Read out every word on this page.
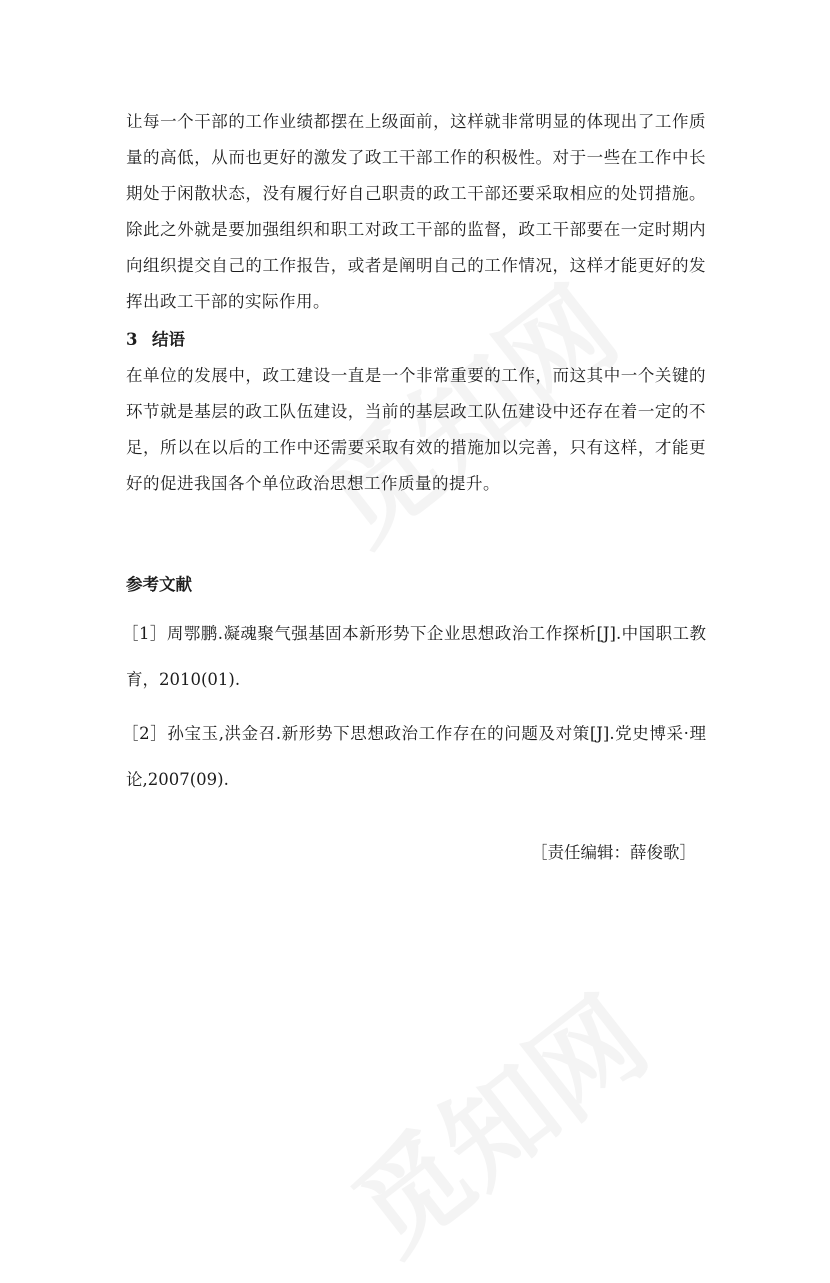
让每一个干部的工作业绩都摆在上级面前，这样就非常明显的体现出了工作质量的高低，从而也更好的激发了政工干部工作的积极性。对于一些在工作中长期处于闲散状态，没有履行好自己职责的政工干部还要采取相应的处罚措施。除此之外就是要加强组织和职工对政工干部的监督，政工干部要在一定时期内向组织提交自己的工作报告，或者是阐明自己的工作情况，这样才能更好的发挥出政工干部的实际作用。

3 结语

在单位的发展中，政工建设一直是一个非常重要的工作，而这其中一个关键的环节就是基层的政工队伍建设，当前的基层政工队伍建设中还存在着一定的不足，所以在以后的工作中还需要采取有效的措施加以完善，只有这样，才能更好的促进我国各个单位政治思想工作质量的提升。

参考文献

［1］周鄂鹏.凝魂聚气强基固本新形势下企业思想政治工作探析[J].中国职工教育，2010(01).

［2］孙宝玉,洪金召.新形势下思想政治工作存在的问题及对策[J].党史博采·理论,2007(09).

［责任编辑：薛俊歌］
